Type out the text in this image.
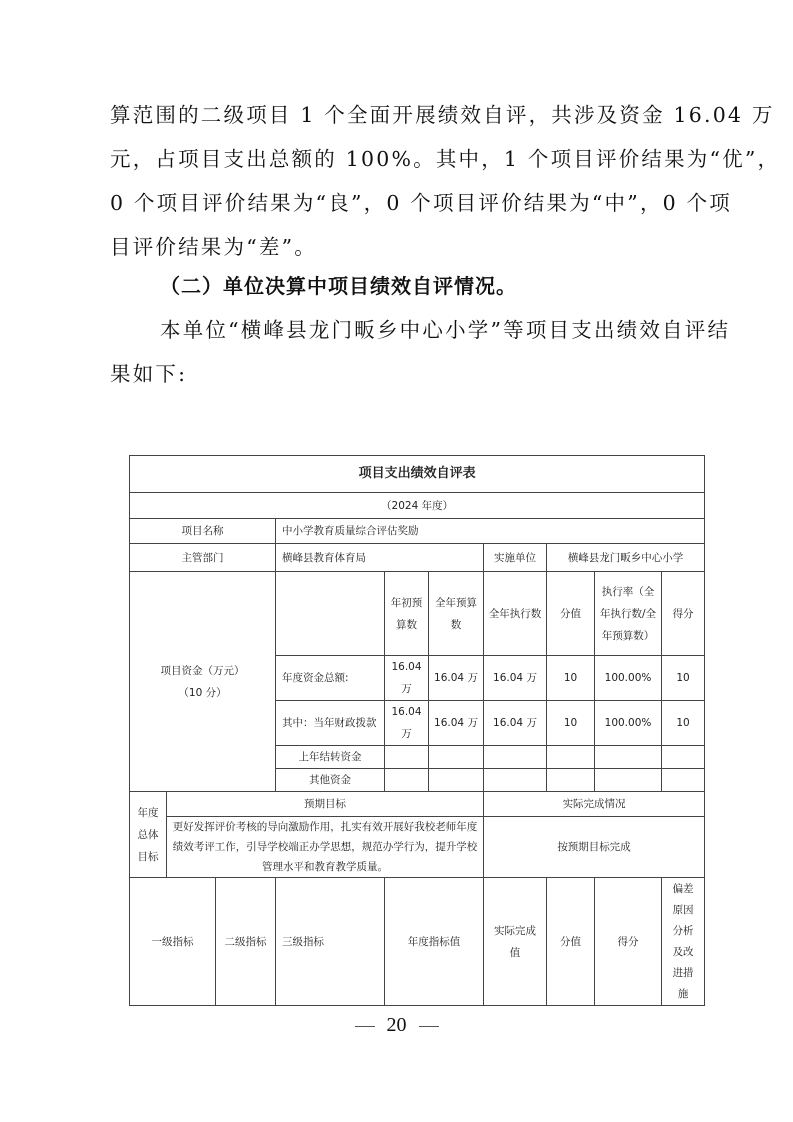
算范围的二级项目 1 个全面开展绩效自评，共涉及资金 16.04 万
元，占项目支出总额的 100%。其中，1 个项目评价结果为“优”，
0 个项目评价结果为“良”，0 个项目评价结果为“中”，0 个项
目评价结果为“差”。
（二）单位决算中项目绩效自评情况。
本单位“横峰县龙门畈乡中心小学”等项目支出绩效自评结
果如下:
项目支出绩效自评表									
（2024 年度）									
项目名称			中小学教育质量综合评估奖励						
主管部门			横峰县教育体育局			实施单位	横峰县龙门畈乡中心小学		

项目资金（万元）
（10 分）				年初预算数	全年预算数	全年执行数	分值	执行率（全年执行数/全年预算数）	得分
			年度资金总额:	16.04万	16.04 万	16.04 万	10	100.00%	10
			其中：当年财政拨款	16.04万	16.04 万	16.04 万	10	100.00%	10
			上年结转资金						
			其他资金						
年度总体目标	预期目标					实际完成情况			
	更好发挥评价考核的导向激励作用，扎实有效开展好我校老师年度绩效考评工作，引导学校端正办学思想，规范办学行为，提升学校管理水平和教育教学质量。					按预期目标完成			
一级指标		二级指标	三级指标	年度指标值		实际完成值	分值	得分	偏差原因分析及改进措施
20
